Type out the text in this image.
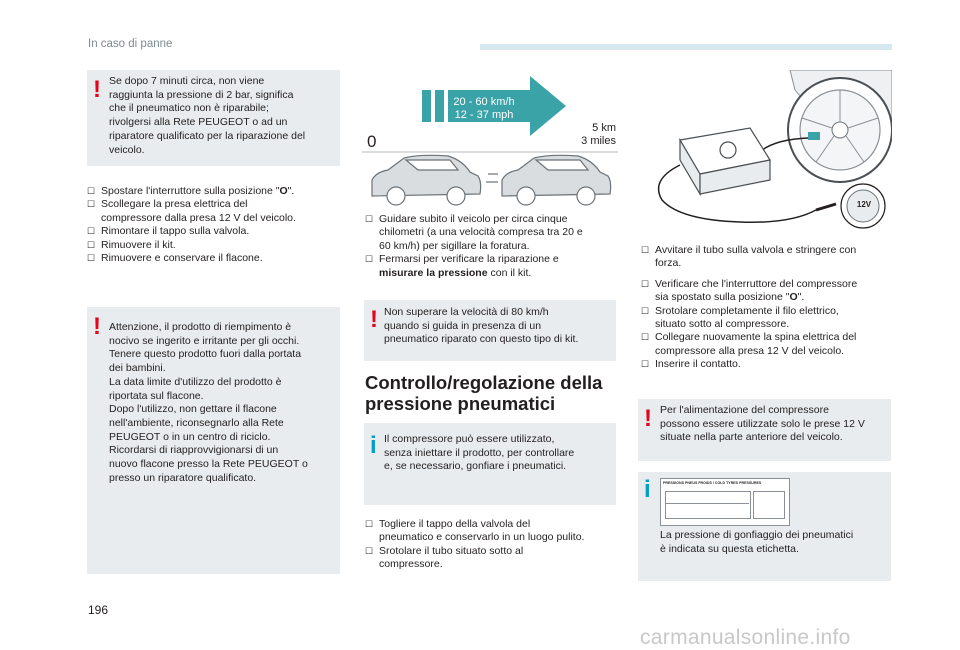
In caso di panne
! Se dopo 7 minuti circa, non viene
raggiunta la pressione di 2 bar, significa
che il pneumatico non è riparabile;
rivolgersi alla Rete PEUGEOT o ad un
riparatore qualificato per la riparazione del
veicolo.
☐ Spostare l'interruttore sulla posizione "O".
☐ Scollegare la presa elettrica del
compressore dalla presa 12 V del veicolo.
☐ Rimontare il tappo sulla valvola.
☐ Rimuovere il kit.
☐ Rimuovere e conservare il flacone.
! Attenzione, il prodotto di riempimento è
nocivo se ingerito e irritante per gli occhi.
Tenere questo prodotto fuori dalla portata
dei bambini.
La data limite d'utilizzo del prodotto è
riportata sul flacone.
Dopo l'utilizzo, non gettare il flacone
nell'ambiente, riconsegnarlo alla Rete
PEUGEOT o in un centro di riciclo.
Ricordarsi di riapprovvigionarsi di un
nuovo flacone presso la Rete PEUGEOT o
presso un riparatore qualificato.
20 - 60 km/h
12 - 37 mph
0
5 km
3 miles
☐ Guidare subito il veicolo per circa cinque
chilometri (a una velocità compresa tra 20 e
60 km/h) per sigillare la foratura.
☐ Fermarsi per verificare la riparazione e
misurare la pressione con il kit.
! Non superare la velocità di 80 km/h
quando si guida in presenza di un
pneumatico riparato con questo tipo di kit.
Controllo/regolazione della
pressione pneumatici
i Il compressore può essere utilizzato,
senza iniettare il prodotto, per controllare
e, se necessario, gonfiare i pneumatici.
☐ Togliere il tappo della valvola del
pneumatico e conservarlo in un luogo pulito.
☐ Srotolare il tubo situato sotto al
compressore.
12V
☐ Avvitare il tubo sulla valvola e stringere con
forza.
☐ Verificare che l'interruttore del compressore
sia spostato sulla posizione "O".
☐ Srotolare completamente il filo elettrico,
situato sotto al compressore.
☐ Collegare nuovamente la spina elettrica del
compressore alla presa 12 V del veicolo.
☐ Inserire il contatto.
! Per l'alimentazione del compressore
possono essere utilizzate solo le prese 12 V
situate nella parte anteriore del veicolo.
i	PRESSIONS PNEUS FROIDS / COLD TYRES PRESSURES
La pressione di gonfiaggio dei pneumatici
è indicata su questa etichetta.
196
carmanualsonline.info
